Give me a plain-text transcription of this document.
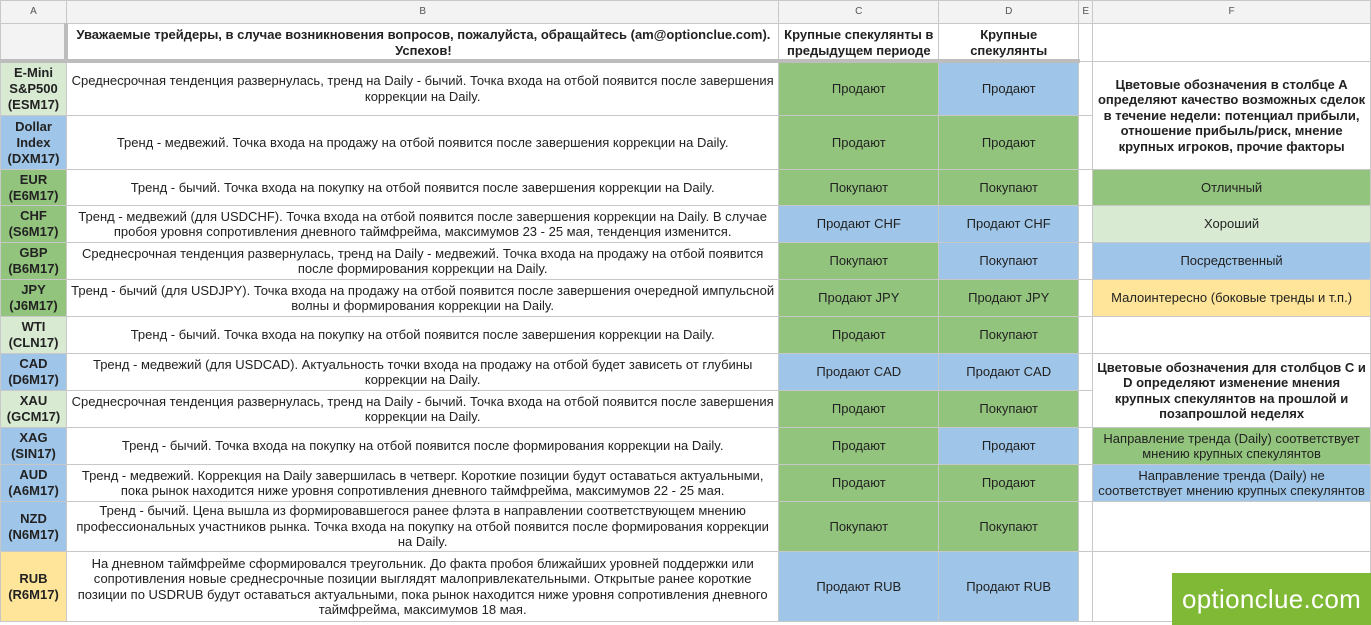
A	B	C	D	E	F
	Уважаемые трейдеры, в случае возникновения вопросов, пожалуйста, обращайтесь (am@optionclue.com). Успехов!	Крупные спекулянты в предыдущем периоде	Крупные спекулянты		
E-Mini S&P500 (ESM17)	Среднесрочная тенденция развернулась, тренд на Daily - бычий. Точка входа на отбой появится после завершения коррекции на Daily.	Продают	Продают		Цветовые обозначения в столбце A определяют качество возможных сделок в течение недели: потенциал прибыли, отношение прибыль/риск, мнение крупных игроков, прочие факторы
Dollar Index (DXM17)	Тренд - медвежий. Точка входа на продажу на отбой появится после завершения коррекции на Daily.	Продают	Продают		
EUR (E6M17)	Тренд - бычий. Точка входа на покупку на отбой появится после завершения коррекции на Daily.	Покупают	Покупают		Отличный
CHF (S6M17)	Тренд - медвежий (для USDCHF). Точка входа на отбой появится после завершения коррекции на Daily. В случае пробоя уровня сопротивления дневного таймфрейма, максимумов 23 - 25 мая, тенденция изменится.	Продают CHF	Продают CHF		Хороший
GBP (B6M17)	Среднесрочная тенденция развернулась, тренд на Daily - медвежий. Точка входа на продажу на отбой появится после формирования коррекции на Daily.	Покупают	Покупают		Посредственный
JPY (J6M17)	Тренд - бычий (для USDJPY). Точка входа на продажу на отбой появится после завершения очередной импульсной волны и формирования коррекции на Daily.	Продают JPY	Продают JPY		Малоинтересно (боковые тренды и т.п.)
WTI (CLN17)	Тренд - бычий. Точка входа на покупку на отбой появится после завершения коррекции на Daily.	Продают	Покупают		
CAD (D6M17)	Тренд - медвежий (для USDCAD). Актуальность точки входа на продажу на отбой будет зависеть от глубины коррекции на Daily.	Продают CAD	Продают CAD		Цветовые обозначения для столбцов C и D определяют изменение мнения крупных спекулянтов на прошлой и позапрошлой неделях
XAU (GCM17)	Среднесрочная тенденция развернулась, тренд на Daily - бычий. Точка входа на отбой появится после завершения коррекции на Daily.	Продают	Покупают		
XAG (SIN17)	Тренд - бычий. Точка входа на покупку на отбой появится после формирования коррекции на Daily.	Продают	Продают		Направление тренда (Daily) соответствует мнению крупных спекулянтов
AUD (A6M17)	Тренд - медвежий. Коррекция на Daily завершилась в четверг. Короткие позиции будут оставаться актуальными, пока рынок находится ниже уровня сопротивления дневного таймфрейма, максимумов 22 - 25 мая.	Продают	Продают		Направление тренда (Daily) не соответствует мнению крупных спекулянтов
NZD (N6M17)	Тренд - бычий. Цена вышла из формировавшегося ранее флэта в направлении соответствующем мнению профессиональных участников рынка. Точка входа на покупку на отбой появится после формирования коррекции на Daily.	Покупают	Покупают		
RUB (R6M17)	На дневном таймфрейме сформировался треугольник. До факта пробоя ближайших уровней поддержки или сопротивления новые среднесрочные позиции выглядят малопривлекательными. Открытые ранее короткие позиции по USDRUB будут оставаться актуальными, пока рынок находится ниже уровня сопротивления дневного таймфрейма, максимумов 18 мая.	Продают RUB	Продают RUB			optionclue.com
